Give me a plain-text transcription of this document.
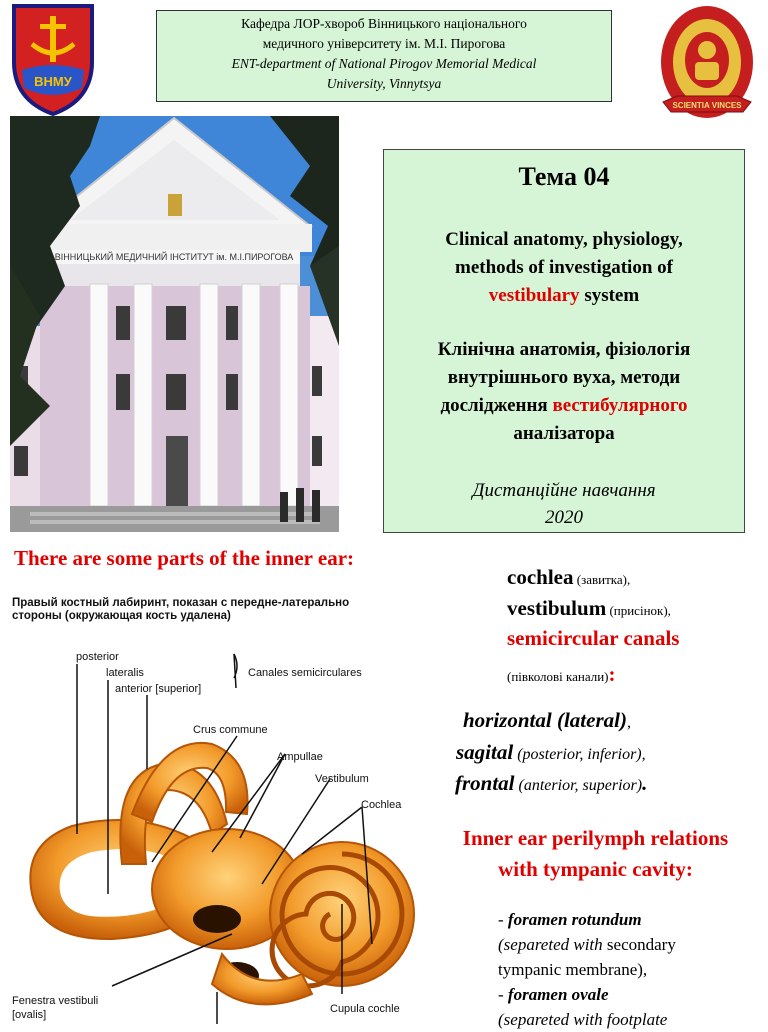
ВНМУ
Кафедра ЛОР-хвороб Вінницького національного
медичного університету ім. М.І. Пирогова
ENT-department of National Pirogov Memorial Medical
University, Vinnytsya
SCIENTIA VINCES
ВІННИЦЬКИЙ МЕДИЧНИЙ ІНСТИТУТ ім. М.І.ПИРОГОВА
Тема 04
Clinical anatomy, physiology,
methods of investigation of
vestibulary system
Клінічна анатомія, фізіологія
внутрішнього вуха, методи
дослідження вестибулярного
аналізатора
Дистанційне навчання
2020
There are some parts of the inner ear:
Правый костный лабиринт, показан с передне-латерально
стороны (окружающая кость удалена)
posterior
lateralis
anterior [superior]
Canales semicirculares
Crus commune
Ampullae
Vestibulum
Cochlea
Fenestra vestibuli
[ovalis]	Cupula cochle
cochlea (завитка),
vestibulum (присінок),
semicircular canals
(півколові канали):
horizontal (lateral),
sagital (posterior, inferior),
frontal (anterior, superior).
Inner ear perilymph relations
with tympanic cavity:
- foramen rotundum
(separeted with secondary
tympanic membrane),
- foramen ovale
(separeted with footplate
